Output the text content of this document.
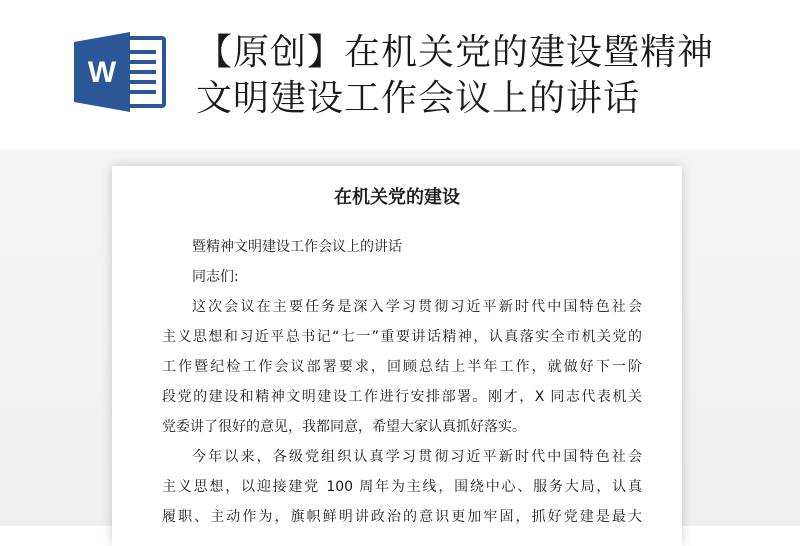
W 【原创】在机关党的建设暨精神
文明建设工作会议上的讲话
在机关党的建设
暨精神文明建设工作会议上的讲话
同志们:
这次会议在主要任务是深入学习贯彻习近平新时代中国特色社会
主义思想和习近平总书记“七一”重要讲话精神，认真落实全市机关党的
工作暨纪检工作会议部署要求，回顾总结上半年工作，就做好下一阶
段党的建设和精神文明建设工作进行安排部署。刚才，X 同志代表机关
党委讲了很好的意见，我都同意，希望大家认真抓好落实。
今年以来，各级党组织认真学习贯彻习近平新时代中国特色社会
主义思想，以迎接建党 100 周年为主线，围绕中心、服务大局，认真
履职、主动作为，旗帜鲜明讲政治的意识更加牢固，抓好党建是最大
